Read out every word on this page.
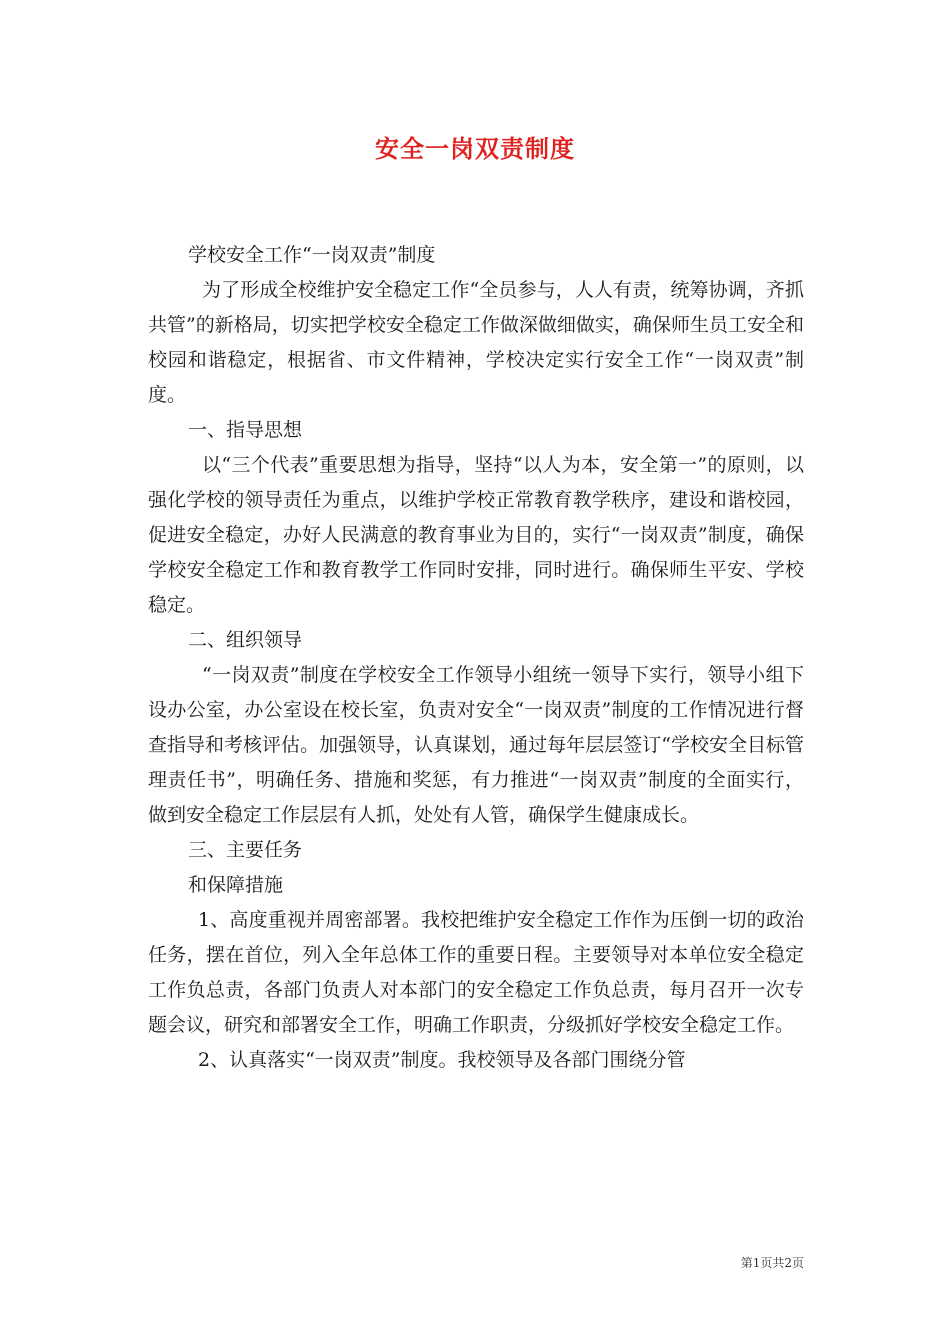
安全一岗双责制度

学校安全工作“一岗双责”制度

为了形成全校维护安全稳定工作“全员参与，人人有责，统筹协调，齐抓共管”的新格局，切实把学校安全稳定工作做深做细做实，确保师生员工安全和校园和谐稳定，根据省、市文件精神，学校决定实行安全工作“一岗双责”制度。

一、指导思想

以“三个代表”重要思想为指导，坚持“以人为本，安全第一”的原则，以强化学校的领导责任为重点，以维护学校正常教育教学秩序，建设和谐校园，促进安全稳定，办好人民满意的教育事业为目的，实行“一岗双责”制度，确保学校安全稳定工作和教育教学工作同时安排，同时进行。确保师生平安、学校稳定。

二、组织领导

“一岗双责”制度在学校安全工作领导小组统一领导下实行，领导小组下设办公室，办公室设在校长室，负责对安全“一岗双责”制度的工作情况进行督查指导和考核评估。加强领导，认真谋划，通过每年层层签订“学校安全目标管理责任书”，明确任务、措施和奖惩，有力推进“一岗双责”制度的全面实行，做到安全稳定工作层层有人抓，处处有人管，确保学生健康成长。

三、主要任务

和保障措施

1、高度重视并周密部署。我校把维护安全稳定工作作为压倒一切的政治任务，摆在首位，列入全年总体工作的重要日程。主要领导对本单位安全稳定工作负总责，各部门负责人对本部门的安全稳定工作负总责，每月召开一次专题会议，研究和部署安全工作，明确工作职责，分级抓好学校安全稳定工作。

2、认真落实“一岗双责”制度。我校领导及各部门围绕分管

第1页共2页
